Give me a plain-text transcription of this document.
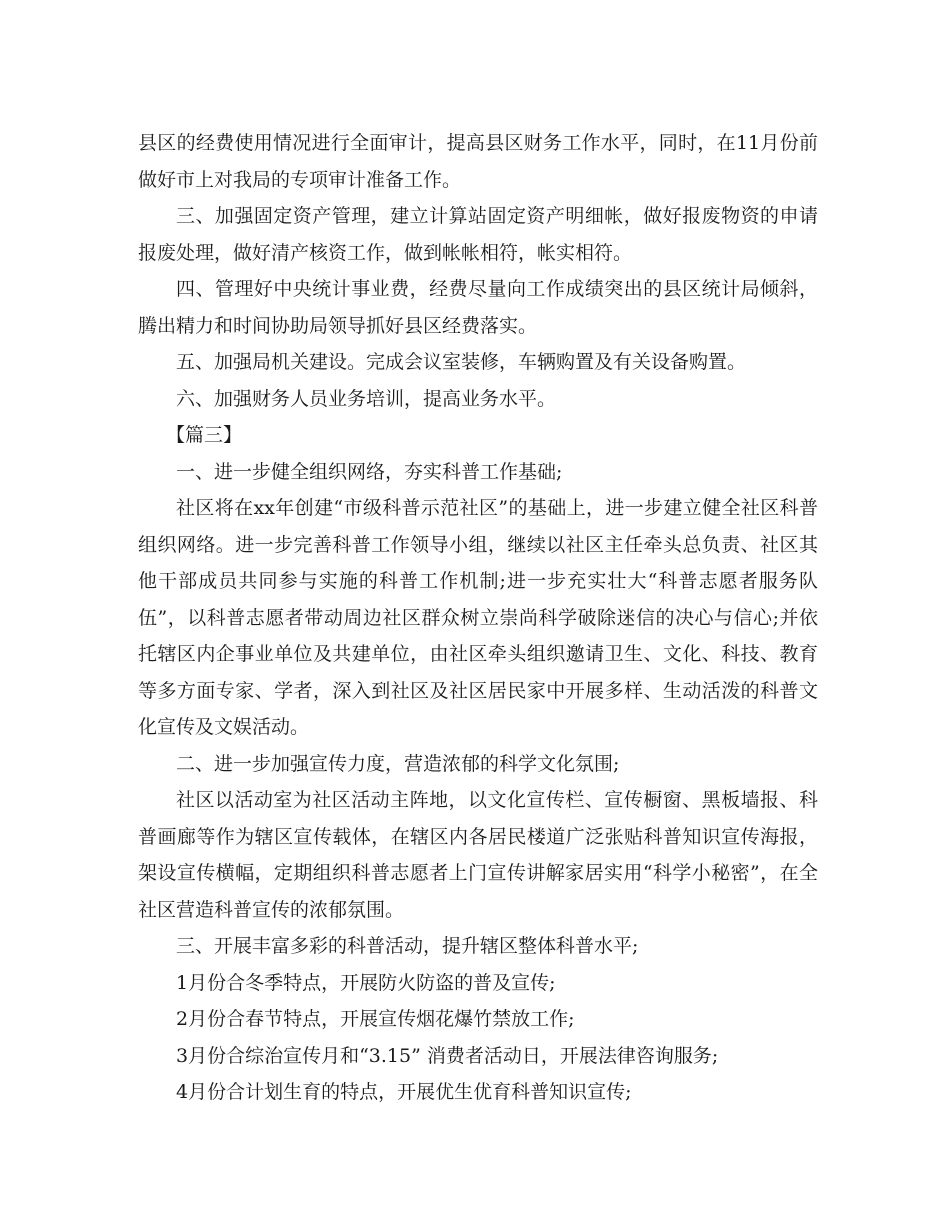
县区的经费使用情况进行全面审计，提高县区财务工作水平，同时，在11月份前做好市上对我局的专项审计准备工作。

三、加强固定资产管理，建立计算站固定资产明细帐，做好报废物资的申请报废处理，做好清产核资工作，做到帐帐相符，帐实相符。

四、管理好中央统计事业费，经费尽量向工作成绩突出的县区统计局倾斜，腾出精力和时间协助局领导抓好县区经费落实。

五、加强局机关建设。完成会议室装修，车辆购置及有关设备购置。

六、加强财务人员业务培训，提高业务水平。

【篇三】

一、进一步健全组织网络，夯实科普工作基础;

社区将在xx年创建“市级科普示范社区”的基础上，进一步建立健全社区科普组织网络。进一步完善科普工作领导小组，继续以社区主任牵头总负责、社区其他干部成员共同参与实施的科普工作机制;进一步充实壮大“科普志愿者服务队伍”，以科普志愿者带动周边社区群众树立崇尚科学破除迷信的决心与信心;并依托辖区内企事业单位及共建单位，由社区牵头组织邀请卫生、文化、科技、教育等多方面专家、学者，深入到社区及社区居民家中开展多样、生动活泼的科普文化宣传及文娱活动。

二、进一步加强宣传力度，营造浓郁的科学文化氛围;

社区以活动室为社区活动主阵地，以文化宣传栏、宣传橱窗、黑板墙报、科普画廊等作为辖区宣传载体，在辖区内各居民楼道广泛张贴科普知识宣传海报，架设宣传横幅，定期组织科普志愿者上门宣传讲解家居实用“科学小秘密”，在全社区营造科普宣传的浓郁氛围。

三、开展丰富多彩的科普活动，提升辖区整体科普水平;

1月份合冬季特点，开展防火防盗的普及宣传;

2月份合春节特点，开展宣传烟花爆竹禁放工作;

3月份合综治宣传月和“3.15” 消费者活动日，开展法律咨询服务;

4月份合计划生育的特点，开展优生优育科普知识宣传;
